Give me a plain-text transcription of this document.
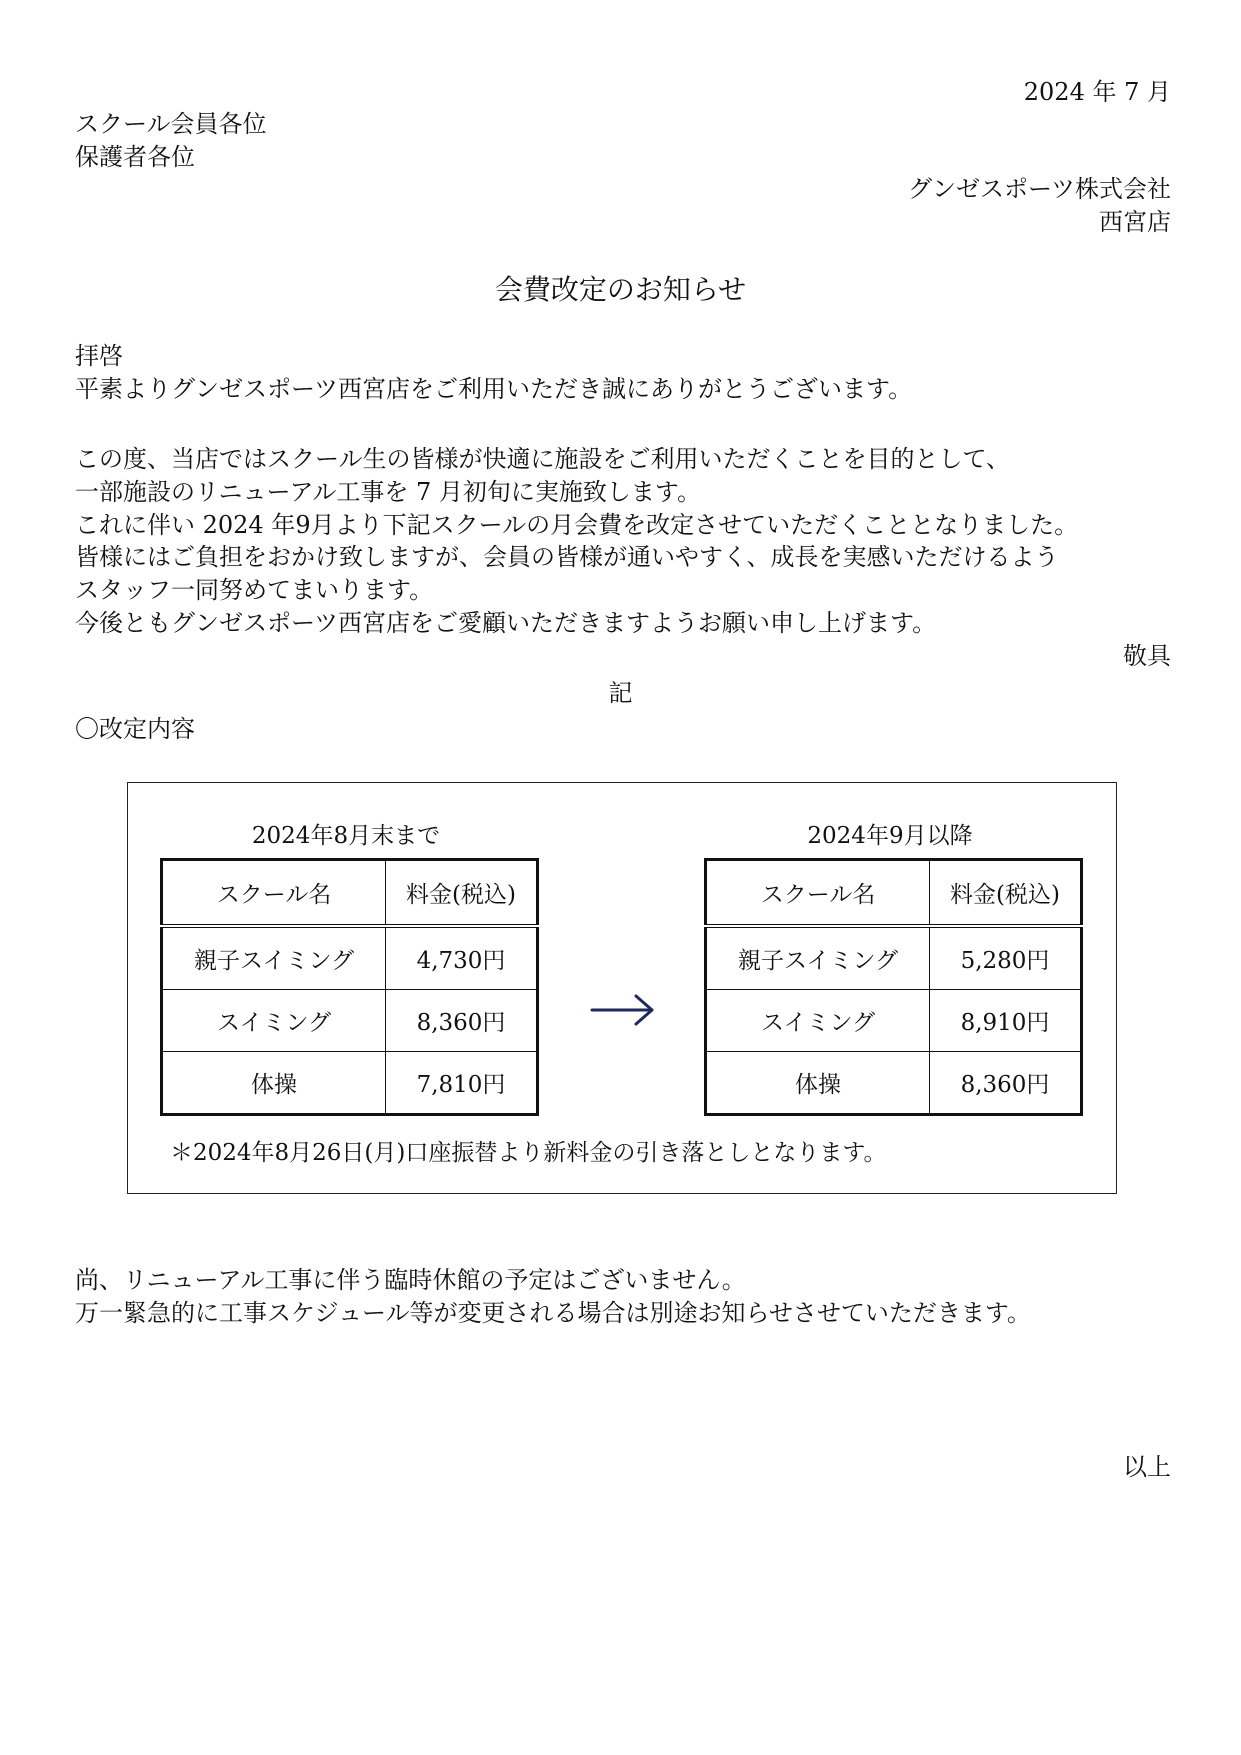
2024 年 7 月
スクール会員各位
保護者各位
グンゼスポーツ株式会社
西宮店
会費改定のお知らせ
拝啓
平素よりグンゼスポーツ西宮店をご利用いただき誠にありがとうございます。
この度、当店ではスクール生の皆様が快適に施設をご利用いただくことを目的として、
一部施設のリニューアル工事を 7 月初旬に実施致します。
これに伴い 2024 年9月より下記スクールの月会費を改定させていただくこととなりました。
皆様にはご負担をおかけ致しますが、会員の皆様が通いやすく、成長を実感いただけるよう
スタッフ一同努めてまいります。
今後ともグンゼスポーツ西宮店をご愛顧いただきますようお願い申し上げます。
敬具
記
〇改定内容
2024年8月末まで
スクール名	料金(税込)
親子スイミング	4,730円
スイミング	8,360円
体操	7,810円
2024年9月以降
スクール名	料金(税込)
親子スイミング	5,280円
スイミング	8,910円
体操	8,360円
＊2024年8月26日(月)口座振替より新料金の引き落としとなります。
尚、リニューアル工事に伴う臨時休館の予定はございません。
万一緊急的に工事スケジュール等が変更される場合は別途お知らせさせていただきます。
以上
